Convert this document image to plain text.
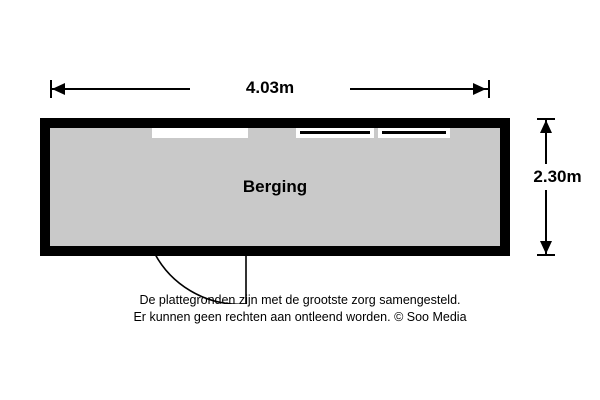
4.03m
2.30m
Berging
De plattegronden zijn met de grootste zorg samengesteld.
Er kunnen geen rechten aan ontleend worden. © Soo Media
